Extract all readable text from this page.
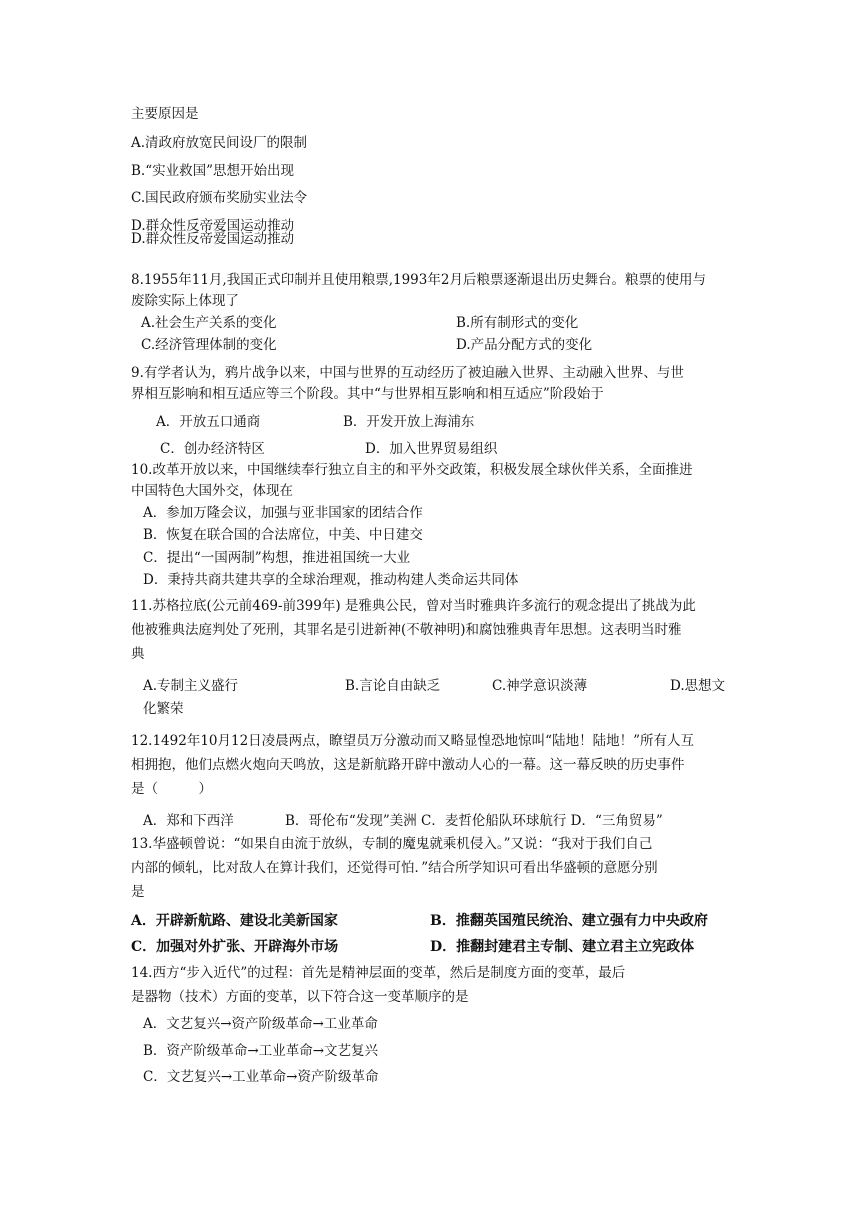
主要原因是
A.清政府放宽民间设厂的限制
B.“实业救国”思想开始出现
C.国民政府颁布奖励实业法令
D.群众性反帝爱国运动推动
D.群众性反帝爱国运动推动
8.1955年11月,我国正式印制并且使用粮票,1993年2月后粮票逐渐退出历史舞台。粮票的使用与
废除实际上体现了
A.社会生产关系的变化	B.所有制形式的变化
C.经济管理体制的变化	D.产品分配方式的变化
9.有学者认为，鸦片战争以来，中国与世界的互动经历了被迫融入世界、主动融入世界、与世
界相互影响和相互适应等三个阶段。其中“与世界相互影响和相互适应”阶段始于
A．开放五口通商	B．开发开放上海浦东
C．创办经济特区	D．加入世界贸易组织
10.改革开放以来，中国继续奉行独立自主的和平外交政策，积极发展全球伙伴关系，全面推进
中国特色大国外交，体现在
A．参加万隆会议，加强与亚非国家的团结合作
B．恢复在联合国的合法席位，中美、中日建交
C．提出“一国两制”构想，推进祖国统一大业
D．秉持共商共建共享的全球治理观，推动构建人类命运共同体
11.苏格拉底(公元前469-前399年) 是雅典公民，曾对当时雅典许多流行的观念提出了挑战为此
他被雅典法庭判处了死刑，其罪名是引进新神(不敬神明)和腐蚀雅典青年思想。这表明当时雅
典
A.专制主义盛行	B.言论自由缺乏	C.神学意识淡薄	D.思想文
化繁荣
12.1492年10月12日凌晨两点，瞭望员万分激动而又略显惶恐地惊叫“陆地！陆地！”所有人互
相拥抱，他们点燃火炮向天鸣放，这是新航路开辟中激动人心的一幕。这一幕反映的历史事件
是（　　　）
A．郑和下西洋	B．哥伦布“发现”美洲 C．麦哲伦船队环球航行 D．“三角贸易”
13.华盛顿曾说：“如果自由流于放纵，专制的魔鬼就乘机侵入。”又说：“我对于我们自己
内部的倾轧，比对敌人在算计我们，还觉得可怕．”结合所学知识可看出华盛顿的意愿分别
是
A．开辟新航路、建设北美新国家	B．推翻英国殖民统治、建立强有力中央政府
C．加强对外扩张、开辟海外市场	D．推翻封建君主专制、建立君主立宪政体
14.西方“步入近代”的过程：首先是精神层面的变革，然后是制度方面的变革，最后
是器物（技术）方面的变革，以下符合这一变革顺序的是
A．文艺复兴→资产阶级革命→工业革命
B．资产阶级革命→工业革命→文艺复兴
C．文艺复兴→工业革命→资产阶级革命
